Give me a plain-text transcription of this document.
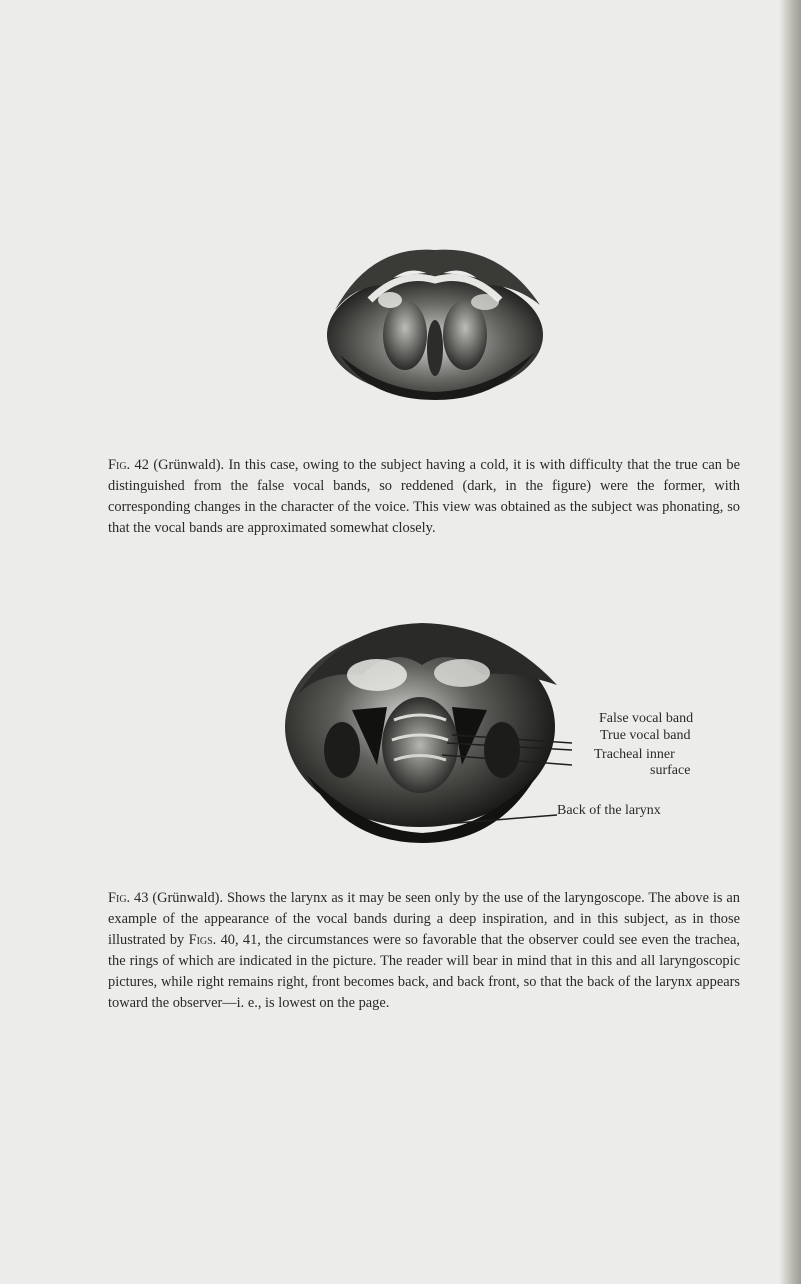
Fig. 42 (Grünwald). In this case, owing to the subject having a cold, it is with difficulty that the true can be distinguished from the false vocal bands, so reddened (dark, in the figure) were the former, with corresponding changes in the character of the voice. This view was obtained as the subject was phonating, so that the vocal bands are approximated somewhat closely.

False vocal band
True vocal band
Tracheal inner
surface
Back of the larynx

Fig. 43 (Grünwald). Shows the larynx as it may be seen only by the use of the laryngoscope. The above is an example of the appearance of the vocal bands during a deep inspiration, and in this subject, as in those illustrated by Figs. 40, 41, the circumstances were so favorable that the observer could see even the trachea, the rings of which are indicated in the picture. The reader will bear in mind that in this and all laryngoscopic pictures, while right remains right, front becomes back, and back front, so that the back of the larynx appears toward the observer—i. e., is lowest on the page.
